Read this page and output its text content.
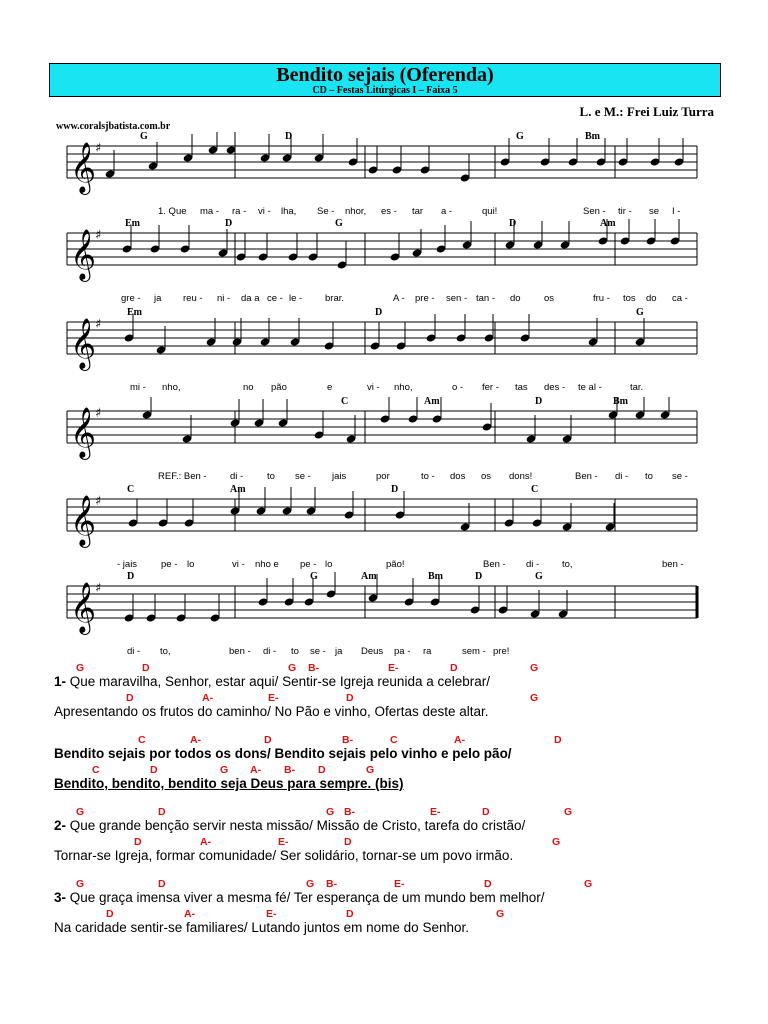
Bendito sejais (Oferenda)
CD – Festas Litúrgicas I – Faixa 5
L. e M.: Frei Luiz Turra
www.coralsjbatista.com.br
G	D	G	Bm
1. Que ma - ra - vi - lha, Se - nhor, es - tar a -	qui!	Sen - tir - se I -
𝄞
♯
Em	D	G	D	Am
gre - ja reu - ni - da a ce - le - brar.	A - pre - sen - tan - do os	fru - tos do ca -
𝄞
♯
Em	D	G
mi - nho,	no pão	e	vi - nho,	o - fer - tas des - te al -	tar.
𝄞
♯
C	Am	D	Bm
REF.: Ben - di -	to se - jais	por	to - dos os dons!	Ben - di - to se -
𝄞
♯
C	Am	D	C
- jais	pe - lo	vi - nho e pe - lo	pão!	Ben - di - to,	ben -
𝄞
♯
D	G	Am	Bm	D	G
di - to,	ben - di - to se - ja Deus pa - ra	sem - pre!
𝄞
♯
G	D	G B-	E-	D	G
1- Que maravilha, Senhor, estar aqui/ Sentir-se Igreja reunida a celebrar/
D	A-	E-	D	G
Apresentando os frutos do caminho/ No Pão e vinho, Ofertas deste altar.
C	A-	D	B-	C	A-	D
Bendito sejais por todos os dons/ Bendito sejais pelo vinho e pelo pão/
C	D	G A- B- D	G
Bendito, bendito, bendito seja Deus para sempre. (bis)
G	D	G B-	E-	D	G
2- Que grande benção servir nesta missão/ Missão de Cristo, tarefa do cristão/
D	A-	E-	D	G
Tornar-se Igreja, formar comunidade/ Ser solidário, tornar-se um povo irmão.
G	D	G B-	E-	D	G
3- Que graça imensa viver a mesma fé/ Ter esperança de um mundo bem melhor/
D	A-	E-	D	G
Na caridade sentir-se familiares/ Lutando juntos em nome do Senhor.
